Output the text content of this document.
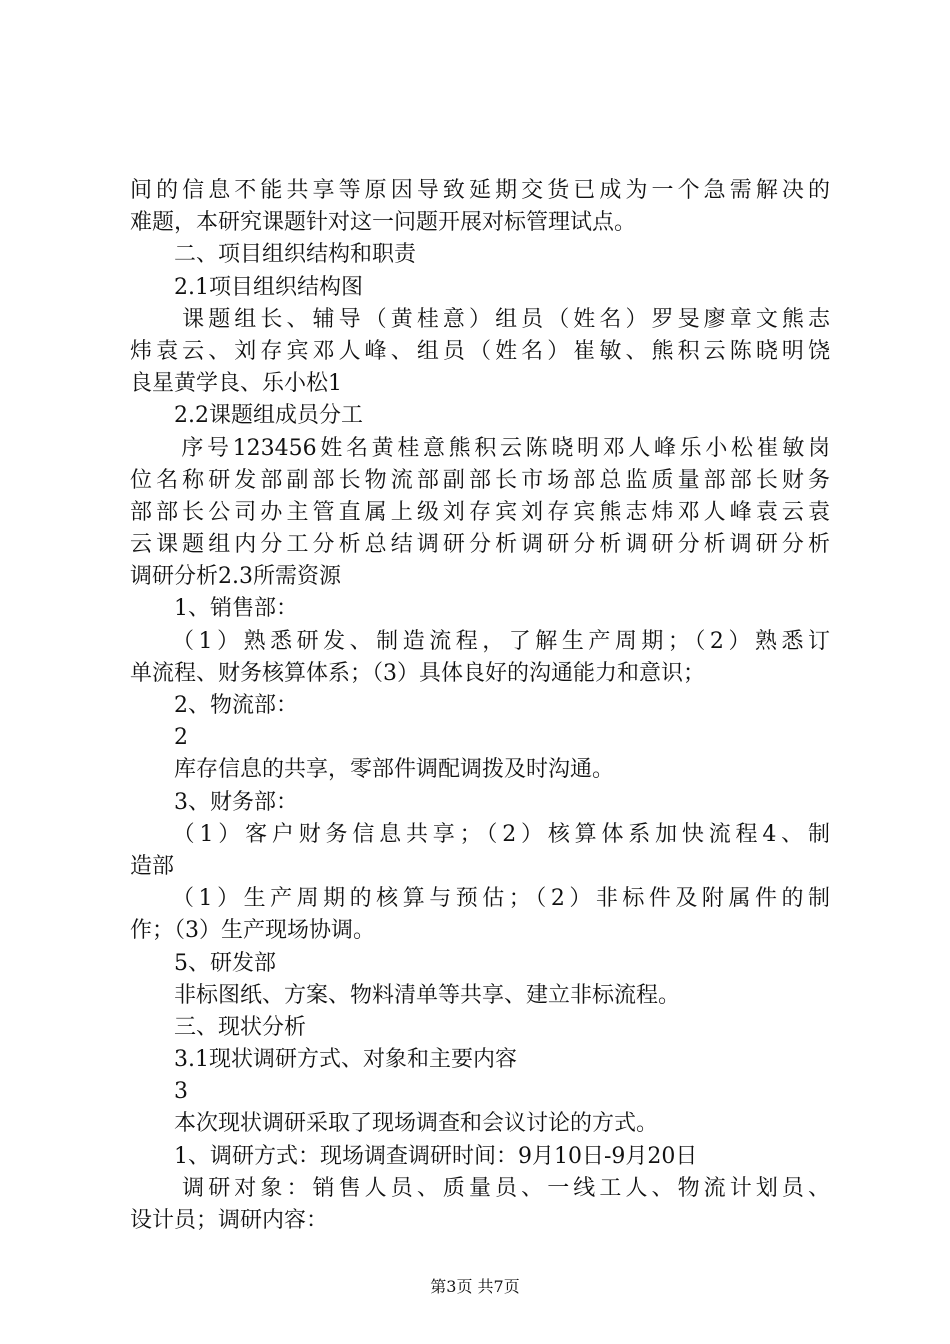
间的信息不能共享等原因导致延期交货已成为一个急需解决的
难题，本研究课题针对这一问题开展对标管理试点。
　　二、项目组织结构和职责
　　2.1项目组织结构图
　　课题组长、辅导（黄桂意）组员（姓名）罗旻廖章文熊志
炜袁云、刘存宾邓人峰、组员（姓名）崔敏、熊积云陈晓明饶
良星黄学良、乐小松1
　　2.2课题组成员分工
　　序号123456姓名黄桂意熊积云陈晓明邓人峰乐小松崔敏岗
位名称研发部副部长物流部副部长市场部总监质量部部长财务
部部长公司办主管直属上级刘存宾刘存宾熊志炜邓人峰袁云袁
云课题组内分工分析总结调研分析调研分析调研分析调研分析
调研分析2.3所需资源
　　1、销售部：
　　（1）熟悉研发、制造流程，了解生产周期；（2）熟悉订
单流程、财务核算体系；（3）具体良好的沟通能力和意识；
　　2、物流部：
　　2
　　库存信息的共享，零部件调配调拨及时沟通。
　　3、财务部：
　　（1）客户财务信息共享；（2）核算体系加快流程4、制
造部
　　（1）生产周期的核算与预估；（2）非标件及附属件的制
作；（3）生产现场协调。
　　5、研发部
　　非标图纸、方案、物料清单等共享、建立非标流程。
　　三、现状分析
　　3.1现状调研方式、对象和主要内容
　　3
　　本次现状调研采取了现场调查和会议讨论的方式。
　　1、调研方式：现场调查调研时间：9月10日-9月20日
　　调研对象：销售人员、质量员、一线工人、物流计划员、
设计员；调研内容：
第3页 共7页
